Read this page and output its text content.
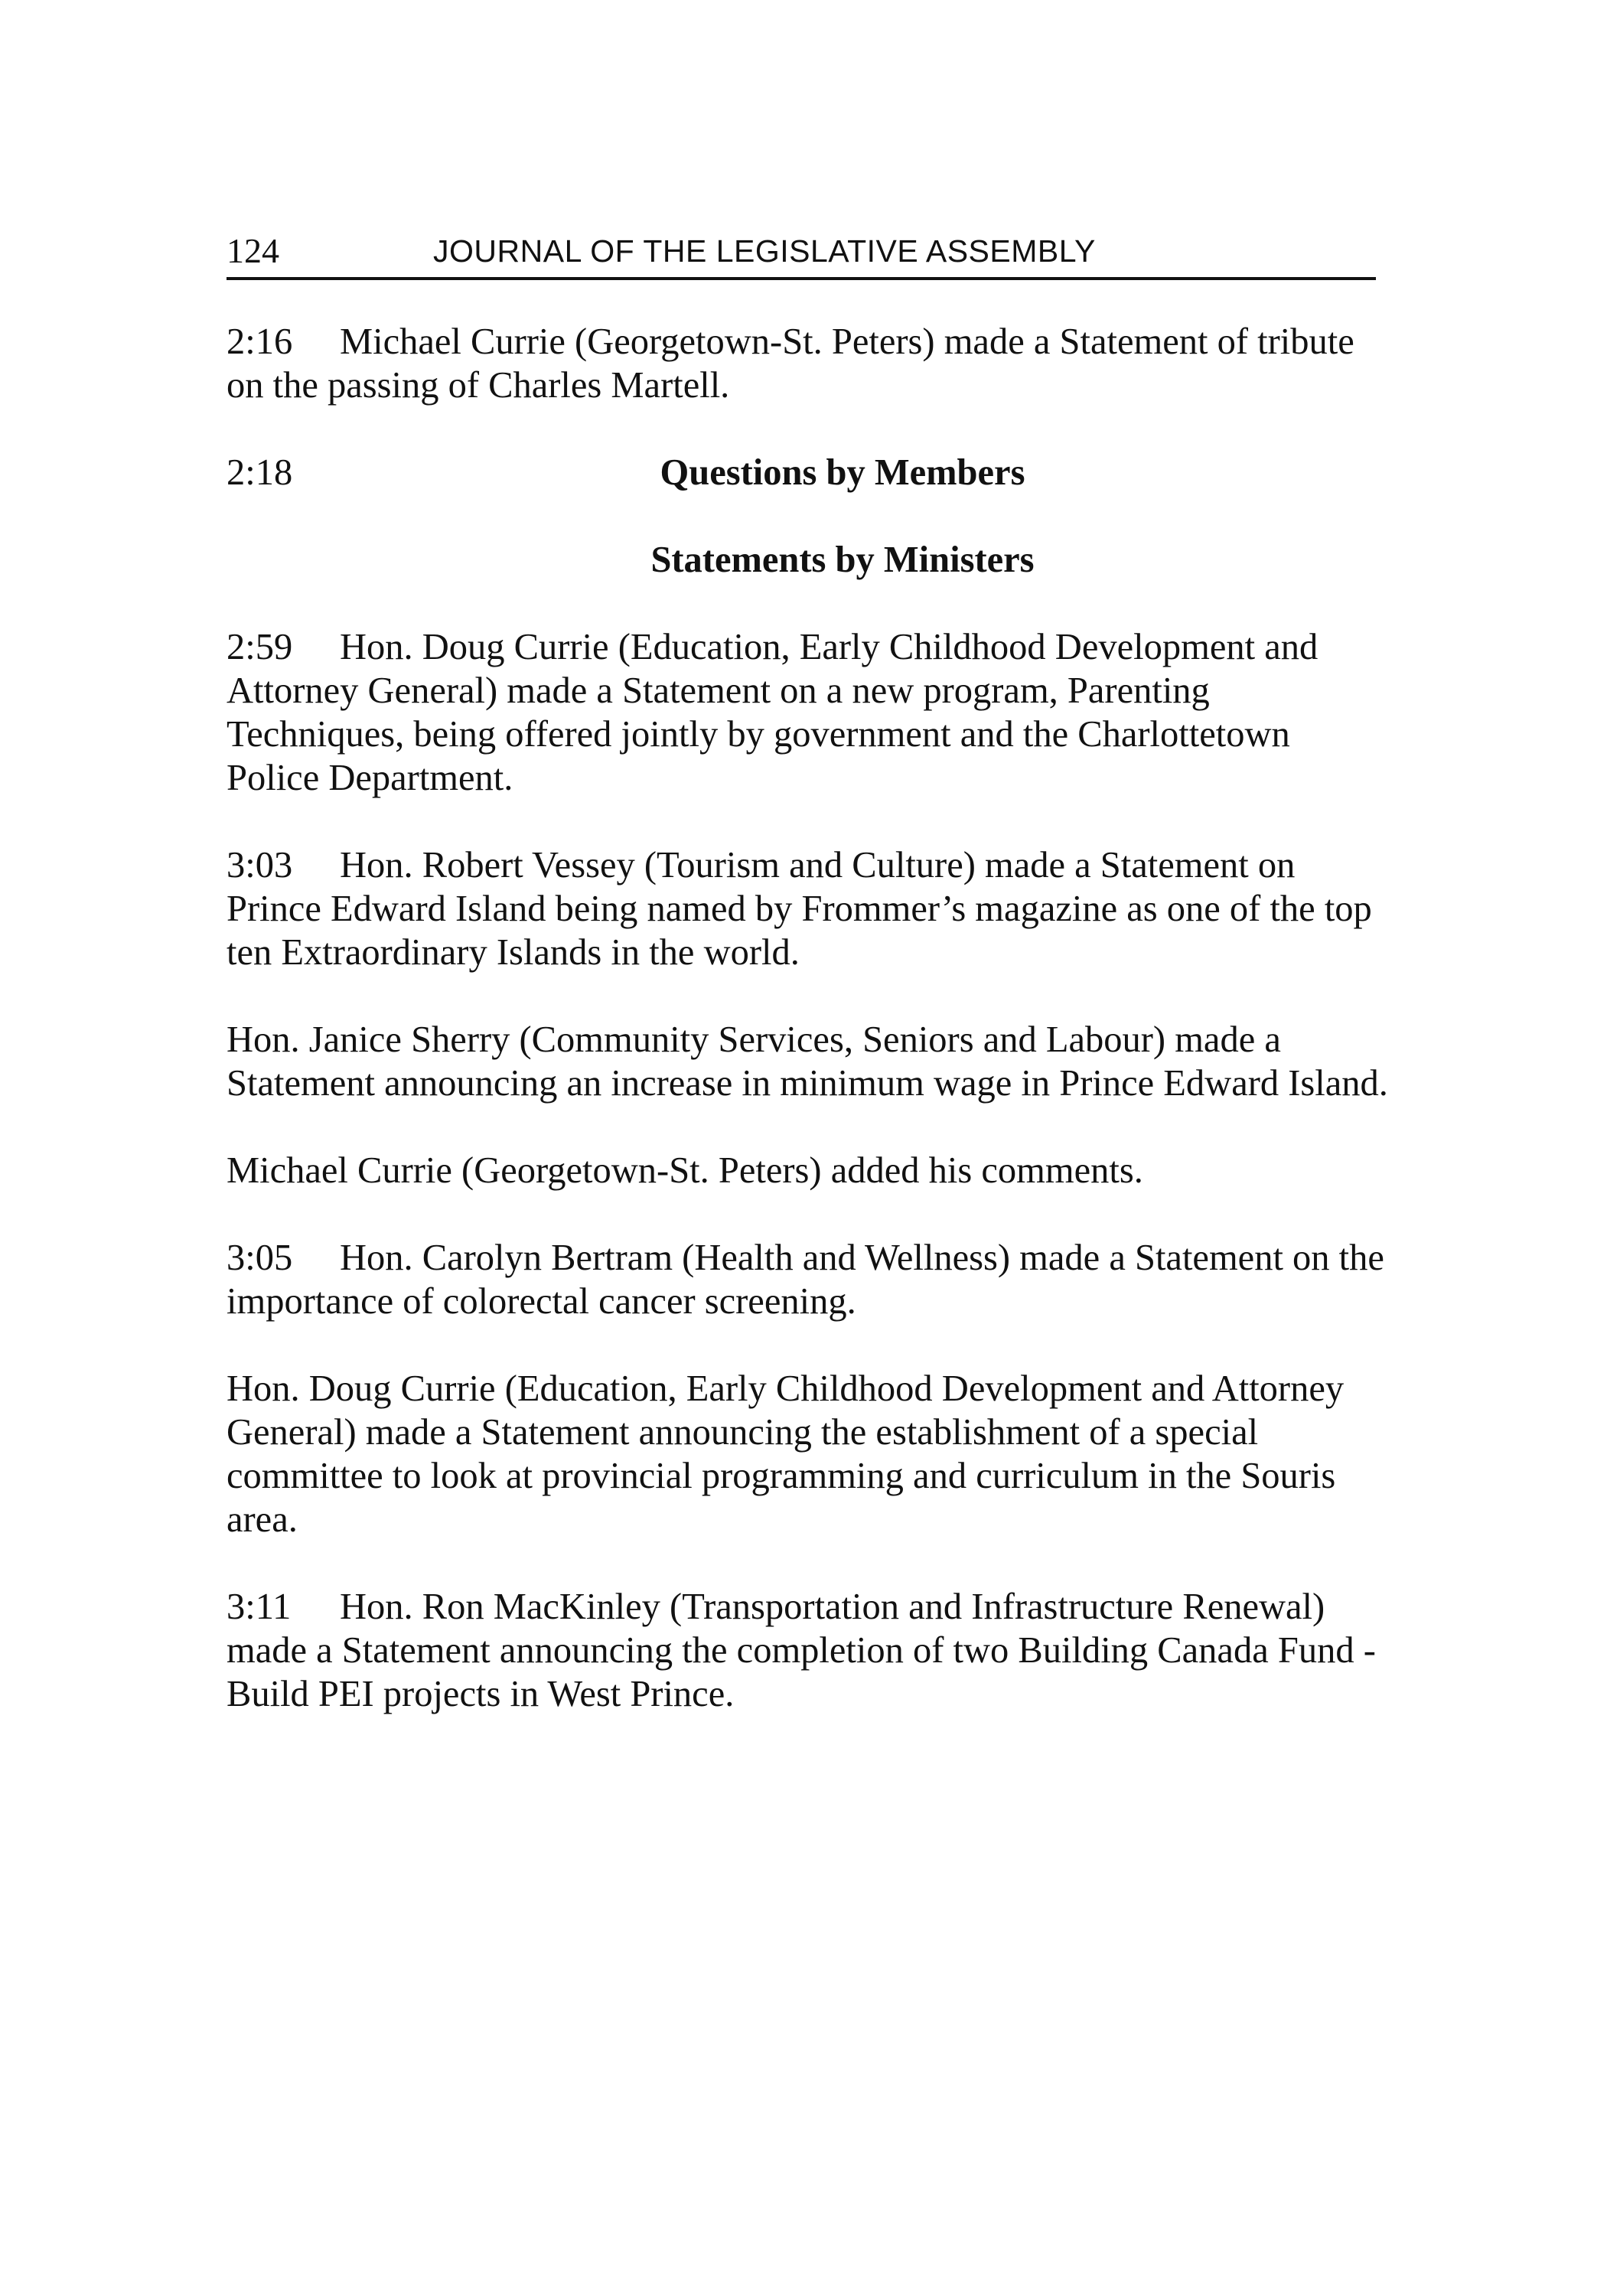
124	JOURNAL OF THE LEGISLATIVE ASSEMBLY

2:16 Michael Currie (Georgetown-St. Peters) made a Statement of tribute on the passing of Charles Martell.

2:18	Questions by Members

Statements by Ministers

2:59 Hon. Doug Currie (Education, Early Childhood Development and Attorney General) made a Statement on a new program, Parenting Techniques, being offered jointly by government and the Charlottetown Police Department.

3:03 Hon. Robert Vessey (Tourism and Culture) made a Statement on Prince Edward Island being named by Frommer’s magazine as one of the top ten Extraordinary Islands in the world.

Hon. Janice Sherry (Community Services, Seniors and Labour) made a Statement announcing an increase in minimum wage in Prince Edward Island.

Michael Currie (Georgetown-St. Peters) added his comments.

3:05 Hon. Carolyn Bertram (Health and Wellness) made a Statement on the importance of colorectal cancer screening.

Hon. Doug Currie (Education, Early Childhood Development and Attorney General) made a Statement announcing the establishment of a special committee to look at provincial programming and curriculum in the Souris area.

3:11 Hon. Ron MacKinley (Transportation and Infrastructure Renewal) made a Statement announcing the completion of two Building Canada Fund - Build PEI projects in West Prince.
